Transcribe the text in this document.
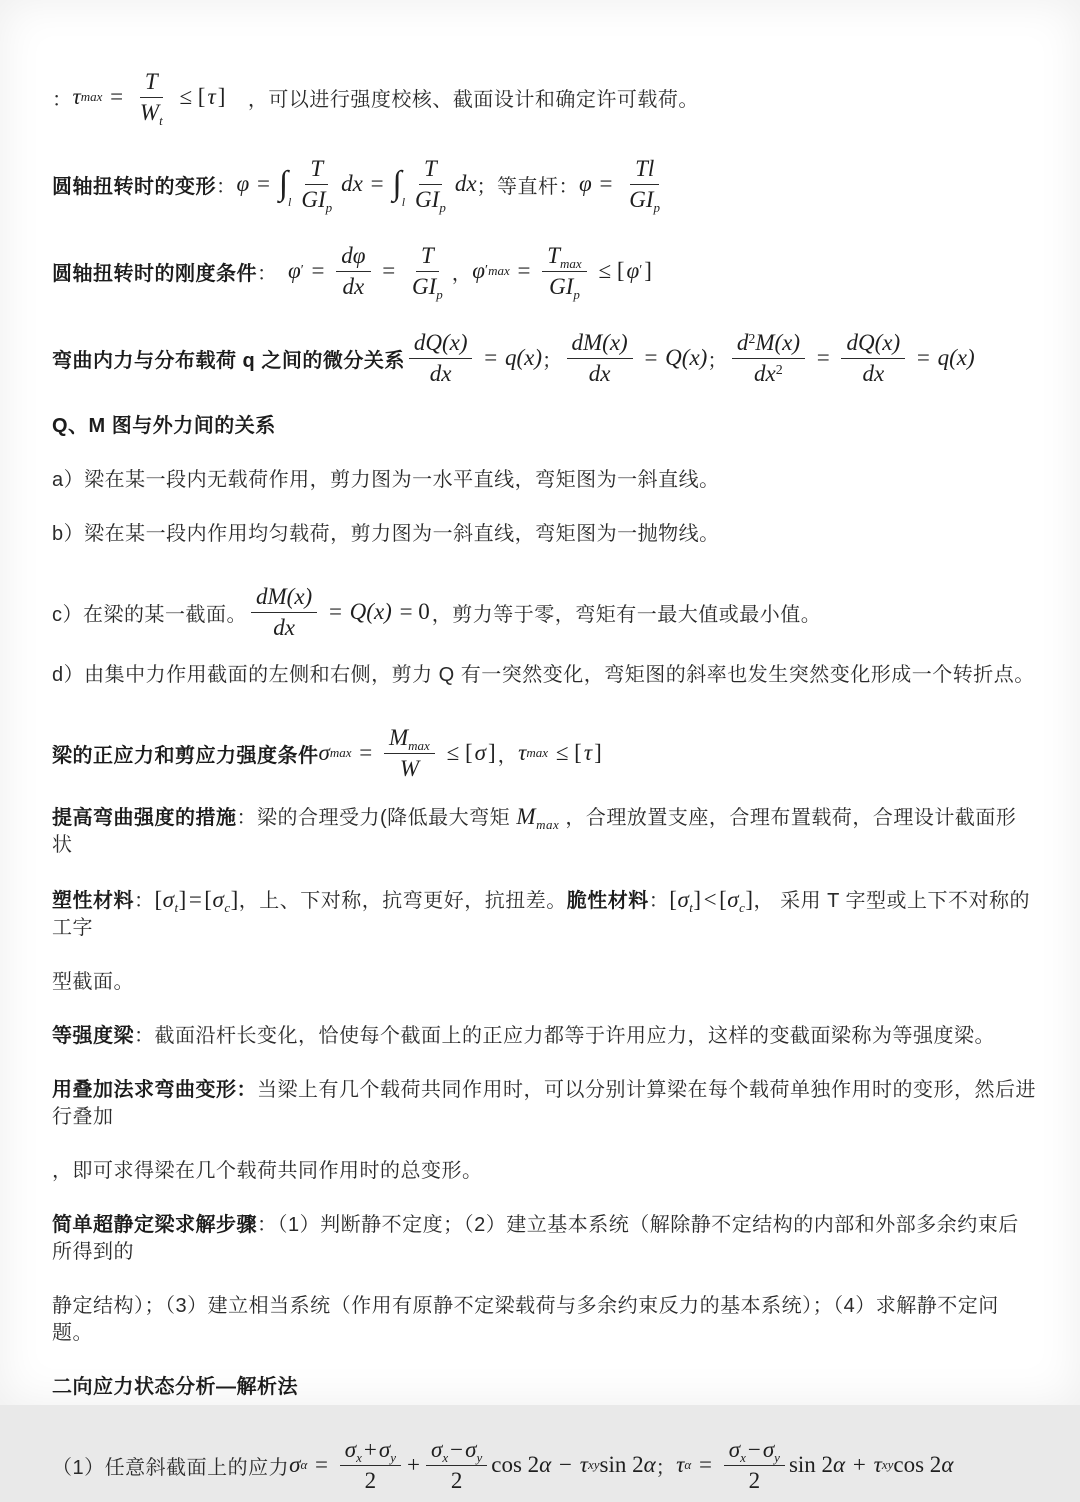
： τ $\max = \frac{T}{W_t}$ ≤ [ τ ] 　，可以进行强度校核、截面设计和确定许可载荷。
圆轴扭转时的变形 ： $\varphi = \int_l \frac{T}{GI_p}$ dx = $\int_l \frac{T}{GI_p}$ dx ；等直杆： $\varphi = \frac{Tl}{GI_p}$
圆轴扭转时的刚度条件 ：　 φ ′ = $\frac{d\varphi}{dx} = \frac{T}{GI_p}$ ， φ ′ $\max = \frac{T_{max}}{GI_p}$ ≤ [ φ ′ ]
弯曲内力与分布载荷 q 之间的微分关系 $\frac{dQ(x)}{dx} = q(x)$ ； $\frac{dM(x)}{dx} = Q(x)$ ； $\frac{d^2M(x)}{dx^2} = \frac{dQ(x)}{dx} = q(x)$
Q、M 图与外力间的关系
a）梁在某一段内无载荷作用，剪力图为一水平直线，弯矩图为一斜直线。
b）梁在某一段内作用均匀载荷，剪力图为一斜直线，弯矩图为一抛物线。
c）在梁的某一截面。 $\frac{dM(x)}{dx} = Q(x) = 0$ ，剪力等于零，弯矩有一最大值或最小值。
d）由集中力作用截面的左侧和右侧，剪力 Q 有一突然变化，弯矩图的斜率也发生突然变化形成一个转折点。
梁的正应力和剪应力强度条件 σ $\max = \frac{M_{max}}{W}$ ≤ [ σ ] ， τ max ≤ [ τ ]
提高弯曲强度的措施：梁的合理受力(降低最大弯矩 $M_{max}$ ，合理放置支座，合理布置载荷，合理设计截面形状
塑性材料：$[\sigma_t]=[\sigma_c]$，上、下对称，抗弯更好，抗扭差。脆性材料：$[\sigma_t]<[\sigma_c]$， 采用 T 字型或上下不对称的工字
型截面。
等强度梁：截面沿杆长变化，恰使每个截面上的正应力都等于许用应力，这样的变截面梁称为等强度梁。
用叠加法求弯曲变形：当梁上有几个载荷共同作用时，可以分别计算梁在每个载荷单独作用时的变形，然后进行叠加
，即可求得梁在几个载荷共同作用时的总变形。
简单超静定梁求解步骤：（1）判断静不定度；（2）建立基本系统（解除静不定结构的内部和外部多余约束后所得到的
静定结构）；（3）建立相当系统（作用有原静不定梁载荷与多余约束反力的基本系统）；（4）求解静不定问题。
二向应力状态分析—解析法
（1）任意斜截面上的应力 σ $\alpha = \frac{\sigma_x+\sigma_y}{2} + \frac{\sigma_x-\sigma_y}{2}$ cos 2 α − τ xy sin 2 α ； τ $\alpha = \frac{\sigma_x-\sigma_y}{2}$ sin 2 α + τ xy cos 2 α
